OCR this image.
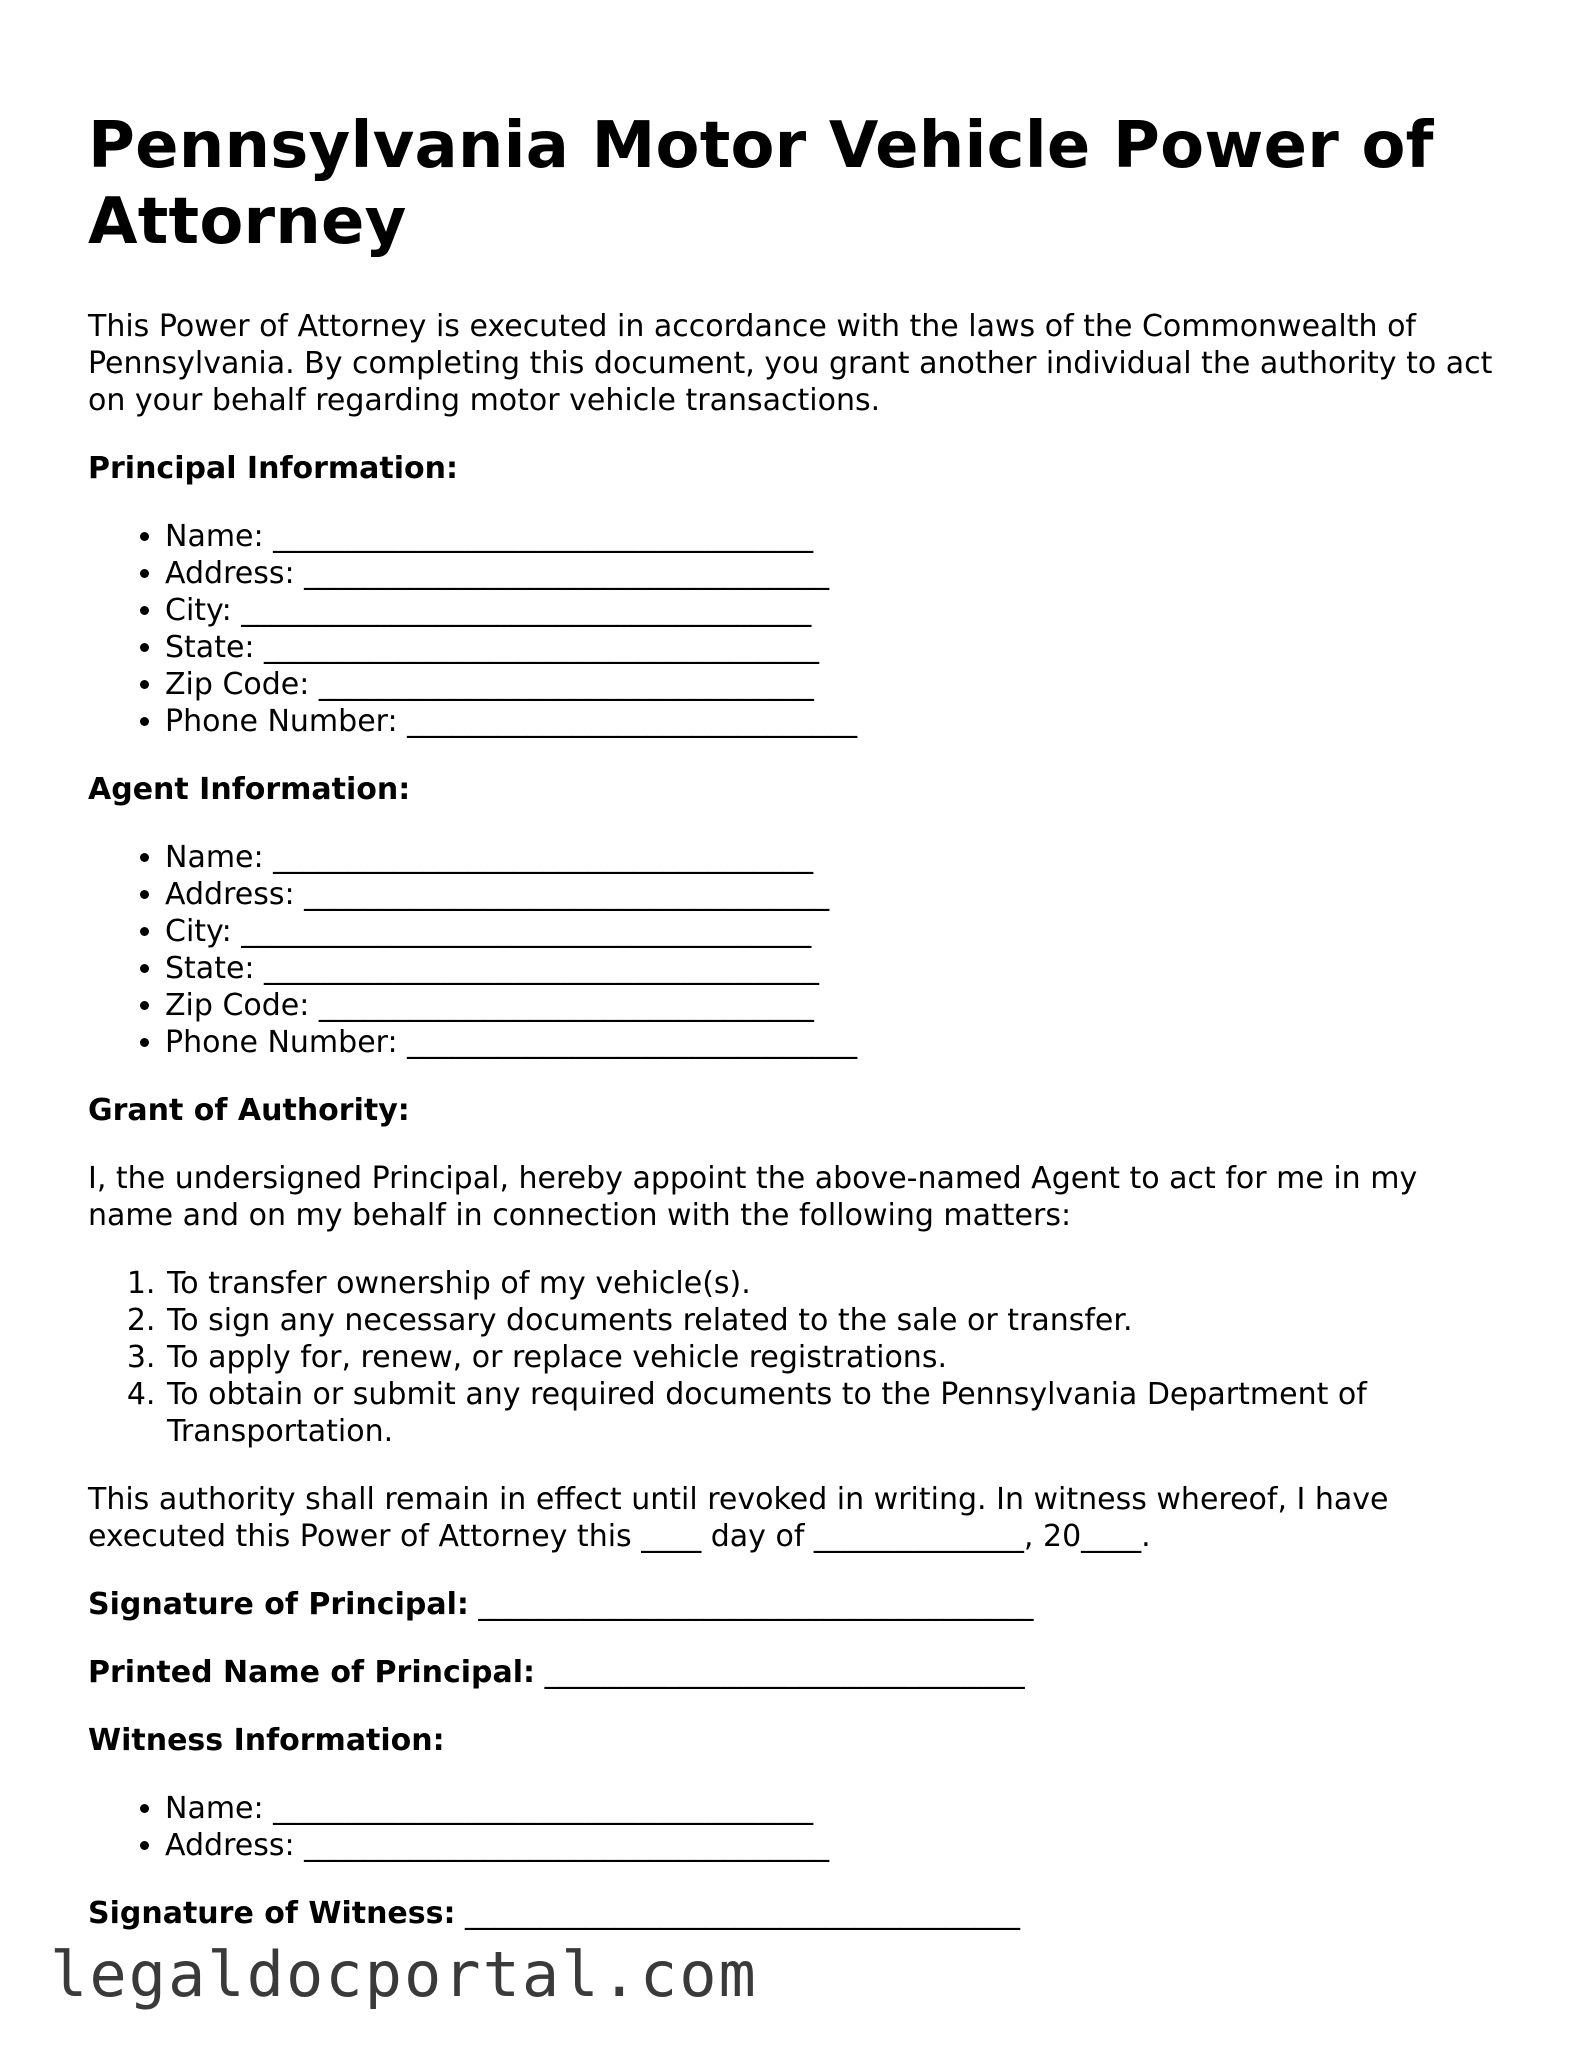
Pennsylvania Motor Vehicle Power of Attorney

This Power of Attorney is executed in accordance with the laws of the Commonwealth of Pennsylvania. By completing this document, you grant another individual the authority to act on your behalf regarding motor vehicle transactions.

Principal Information:
• Name: ____________________________________
• Address: ___________________________________
• City: ______________________________________
• State: _____________________________________
• Zip Code: _________________________________
• Phone Number: ______________________________
Agent Information:
• Name: ____________________________________
• Address: ___________________________________
• City: ______________________________________
• State: _____________________________________
• Zip Code: _________________________________
• Phone Number: ______________________________
Grant of Authority:

I, the undersigned Principal, hereby appoint the above-named Agent to act for me in my name and on my behalf in connection with the following matters:

1. To transfer ownership of my vehicle(s).
2. To sign any necessary documents related to the sale or transfer.
3. To apply for, renew, or replace vehicle registrations.
4. To obtain or submit any required documents to the Pennsylvania Department of Transportation.

This authority shall remain in effect until revoked in writing. In witness whereof, I have executed this Power of Attorney this ____ day of ______________, 20____.

Signature of Principal: _____________________________________
Printed Name of Principal: ________________________________
Witness Information:
• Name: ____________________________________
• Address: ___________________________________
Signature of Witness: _____________________________________
legaldocportal.com
